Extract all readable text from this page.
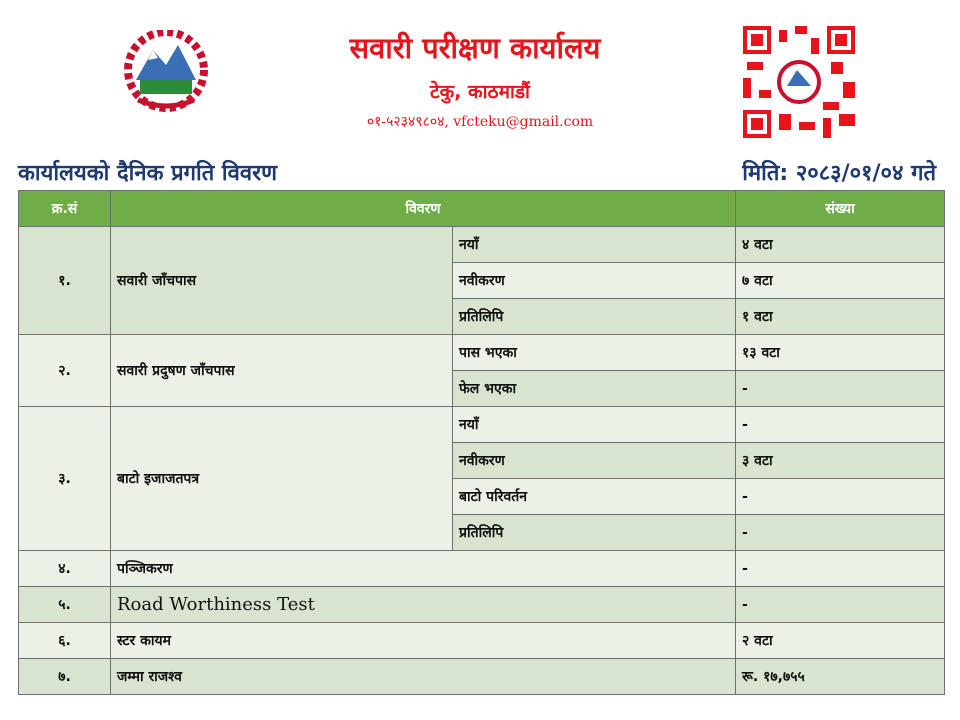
सवारी परीक्षण कार्यालय
टेकु, काठमाडौं
०१-५२३४९८०४, vfcteku@gmail.com
कार्यालयको दैनिक प्रगति विवरण	मिति: २०८३/०१/०४ गते
क्र.सं	विवरण		संख्या
१.	सवारी जाँचपास	नयाँ	४ वटा
		नवीकरण	७ वटा
		प्रतिलिपि	१ वटा
२.	सवारी प्रदुषण जाँचपास	पास भएका	१३ वटा
		फेल भएका	-
३.	बाटो इजाजतपत्र	नयाँ	-
		नवीकरण	३ वटा
		बाटो परिवर्तन	-
		प्रतिलिपि	-
४.	पञ्जिकरण		-
५.	Road Worthiness Test		-
६.	स्टर कायम		२ वटा
७.	जम्मा राजश्व		रू. १७,७५५
